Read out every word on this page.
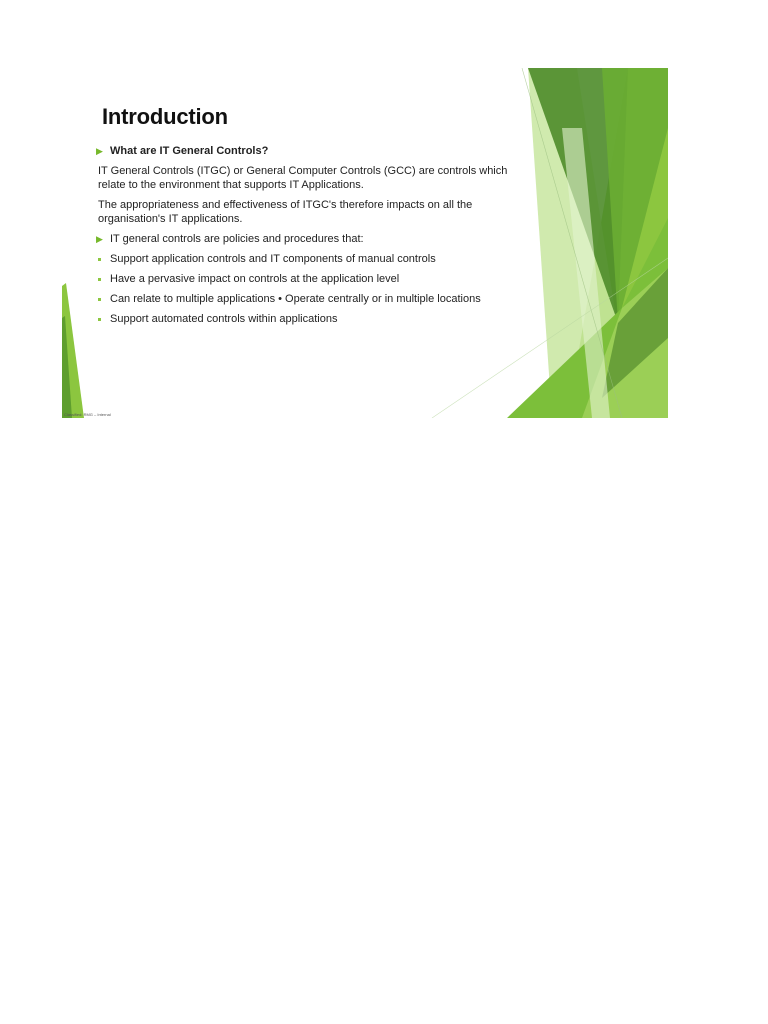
Introduction
▶ What are IT General Controls?
IT General Controls (ITGC) or General Computer Controls (GCC) are controls which relate to the environment that supports IT Applications.
The appropriateness and effectiveness of ITGC's therefore impacts on all the organisation's IT applications.
▶ IT general controls are policies and procedures that:
Support application controls and IT components of manual controls
Have a pervasive impact on controls at the application level
Can relate to multiple applications • Operate centrally or in multiple locations
Support automated controls within applications
Classified: RMG – Internal
